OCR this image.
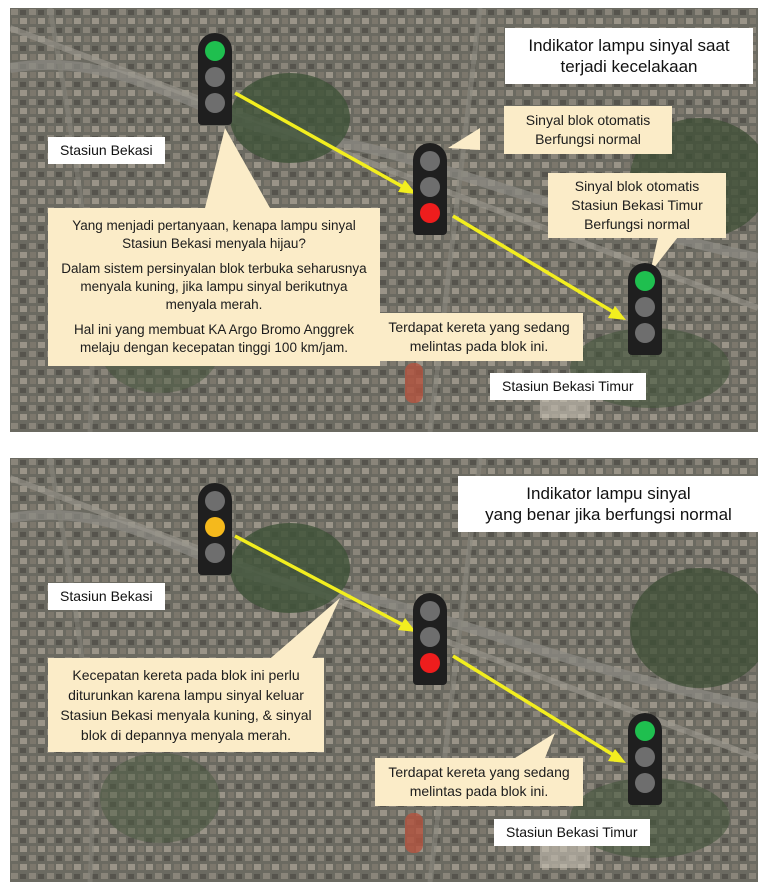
Indikator lampu sinyal saat
terjadi kecelakaan
Stasiun Bekasi
Stasiun Bekasi Timur

Sinyal blok otomatis

Berfungsi normal

Sinyal blok otomatis

Stasiun Bekasi Timur

Berfungsi normal

Yang menjadi pertanyaan, kenapa lampu sinyal Stasiun Bekasi menyala hijau?

Dalam sistem persinyalan blok terbuka seharusnya menyala kuning, jika lampu sinyal berikutnya menyala merah.

Hal ini yang membuat KA Argo Bromo Anggrek melaju dengan kecepatan tinggi 100 km/jam.

Terdapat kereta yang sedang

melintas pada blok ini.

Indikator lampu sinyal
yang benar jika berfungsi normal
Stasiun Bekasi
Stasiun Bekasi Timur

Kecepatan kereta pada blok ini perlu diturunkan karena lampu sinyal keluar Stasiun Bekasi menyala kuning, & sinyal blok di depannya menyala merah.

Terdapat kereta yang sedang

melintas pada blok ini.
